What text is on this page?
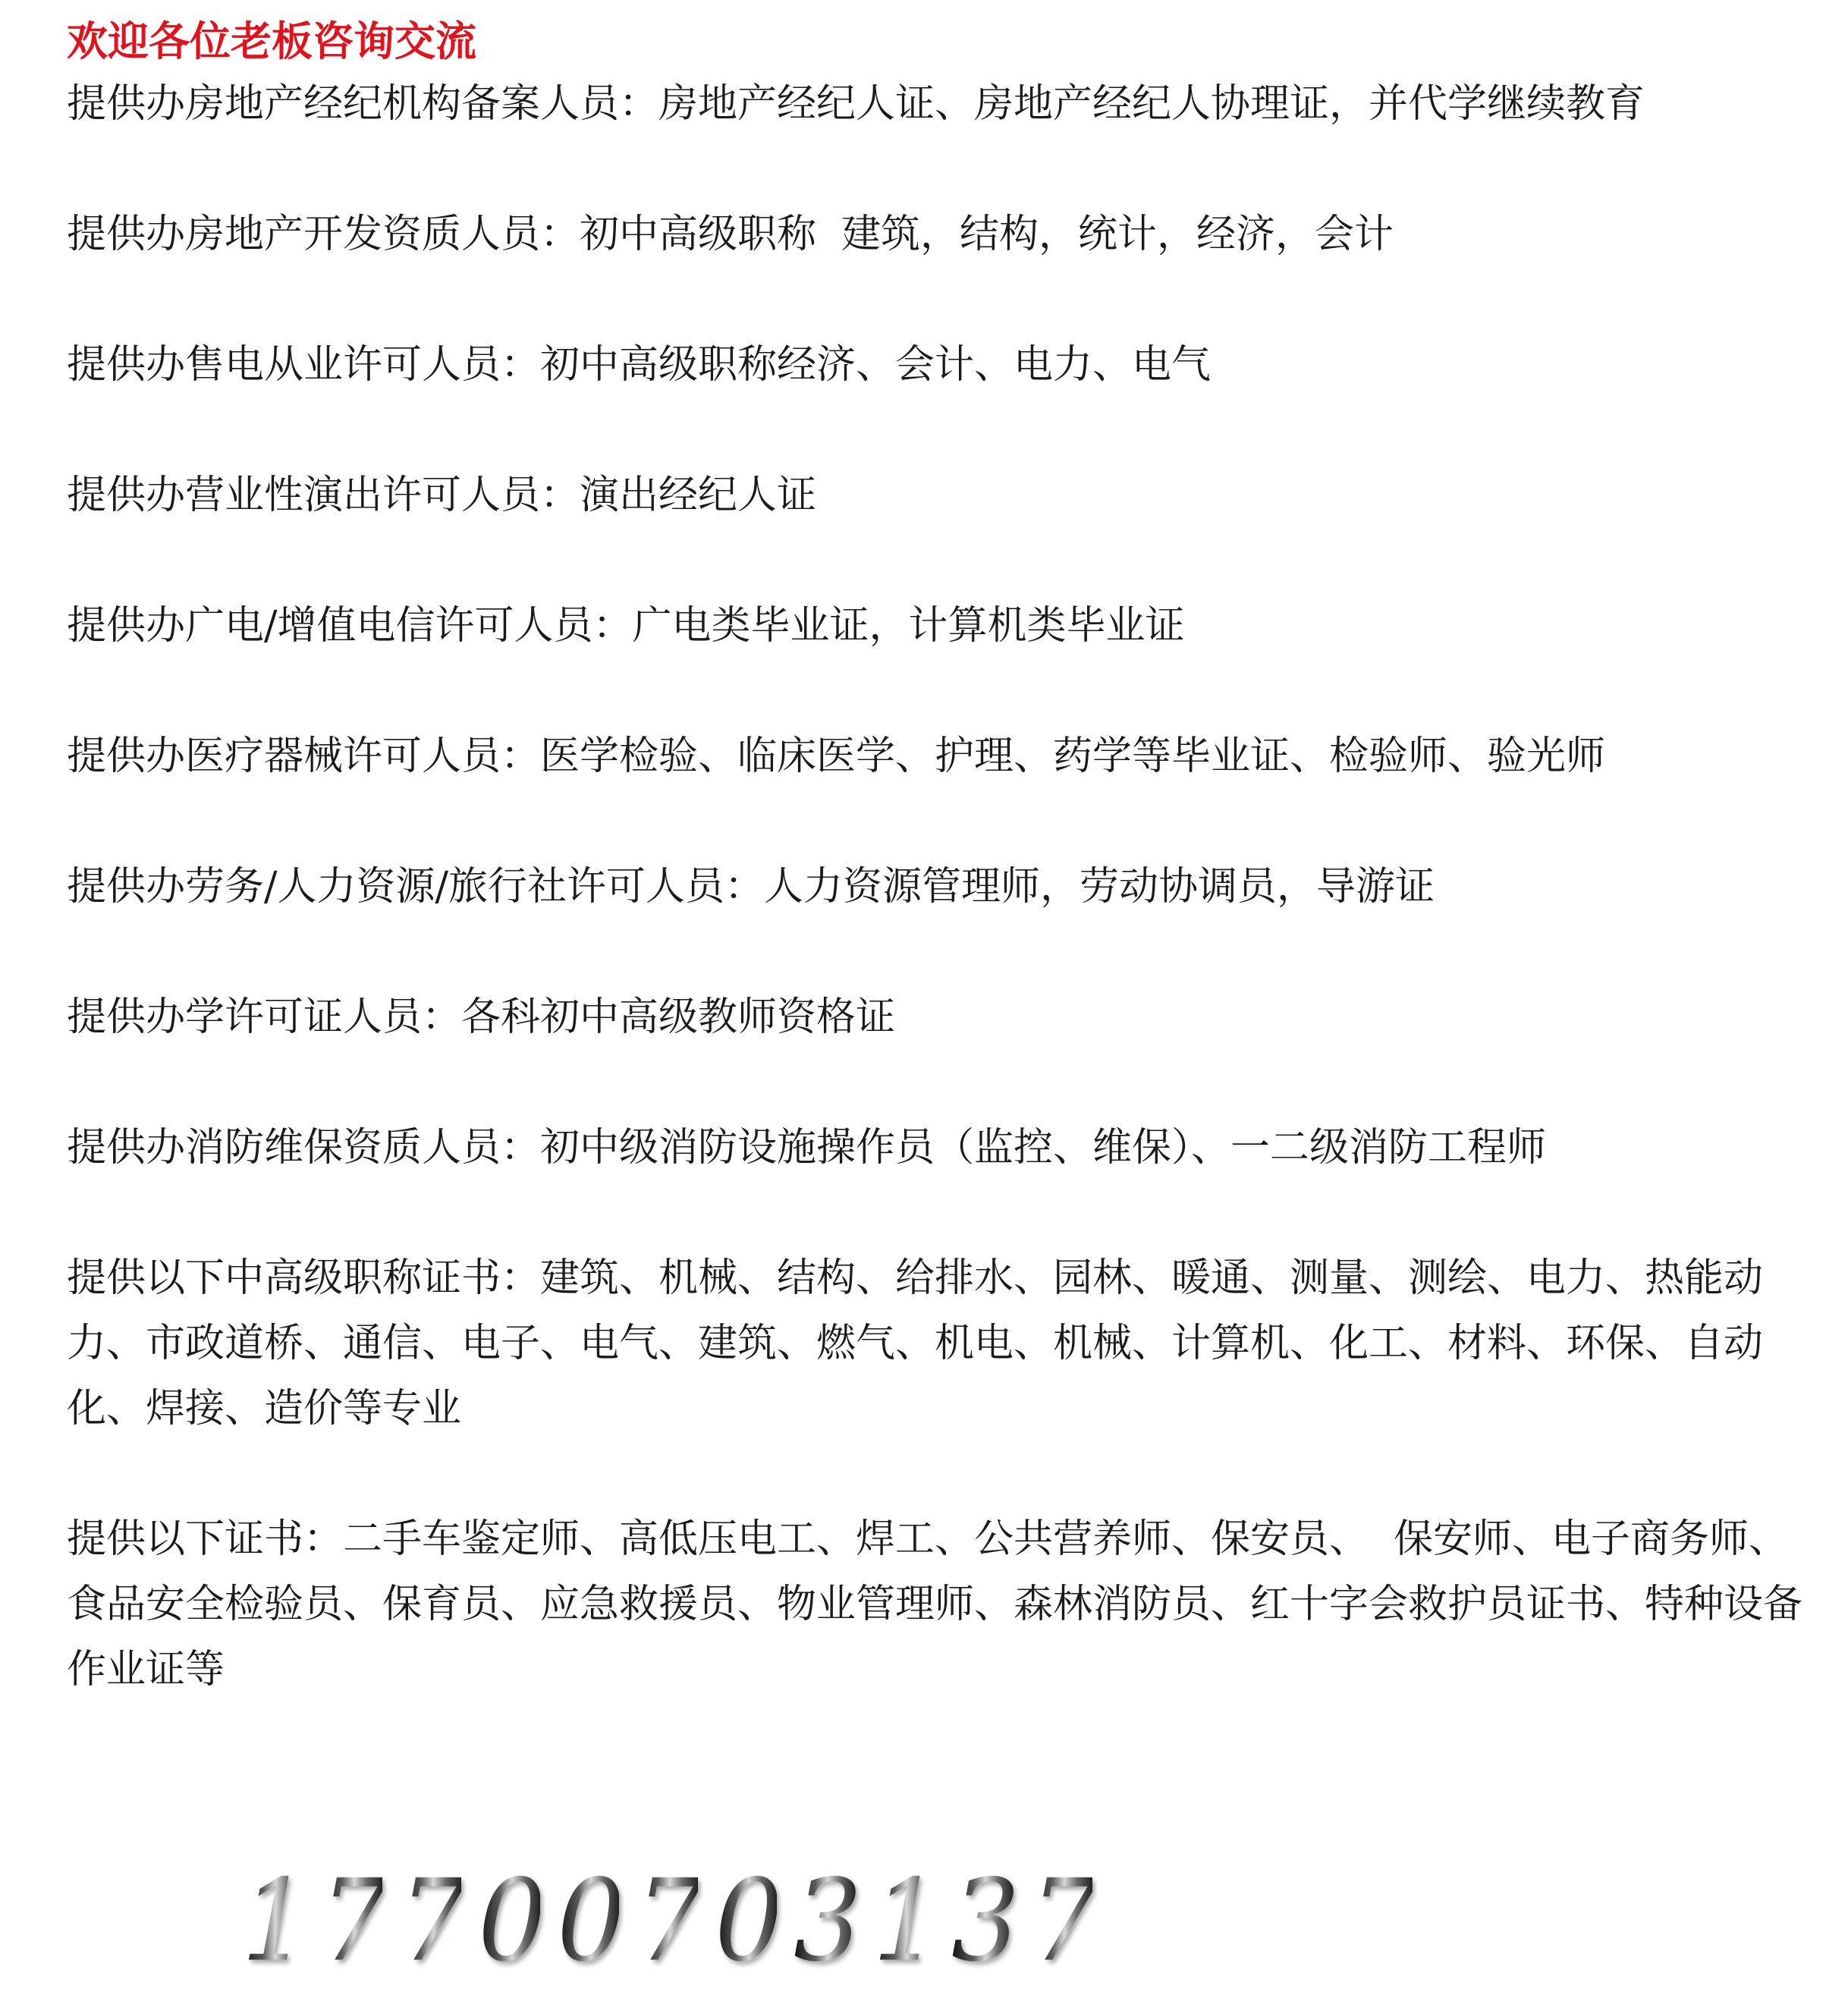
欢迎各位老板咨询交流

提供办房地产经纪机构备案人员：房地产经纪人证、房地产经纪人协理证，并代学继续教育

提供办房地产开发资质人员：初中高级职称  建筑，结构，统计，经济，会计

提供办售电从业许可人员：初中高级职称经济、会计、电力、电气

提供办营业性演出许可人员：演出经纪人证

提供办广电/增值电信许可人员：广电类毕业证，计算机类毕业证

提供办医疗器械许可人员：医学检验、临床医学、护理、药学等毕业证、检验师、验光师

提供办劳务/人力资源/旅行社许可人员：人力资源管理师，劳动协调员，导游证

提供办学许可证人员：各科初中高级教师资格证

提供办消防维保资质人员：初中级消防设施操作员（监控、维保）、一二级消防工程师

提供以下中高级职称证书：建筑、机械、结构、给排水、园林、暖通、测量、测绘、电力、热能动力、市政道桥、通信、电子、电气、建筑、燃气、机电、机械、计算机、化工、材料、环保、自动化、焊接、造价等专业

提供以下证书：二手车鉴定师、高低压电工、焊工、公共营养师、保安员、  保安师、电子商务师、食品安全检验员、保育员、应急救援员、物业管理师、森林消防员、红十字会救护员证书、特种设备作业证等

1 7 7 0 0 7 0 3 1 3 7
